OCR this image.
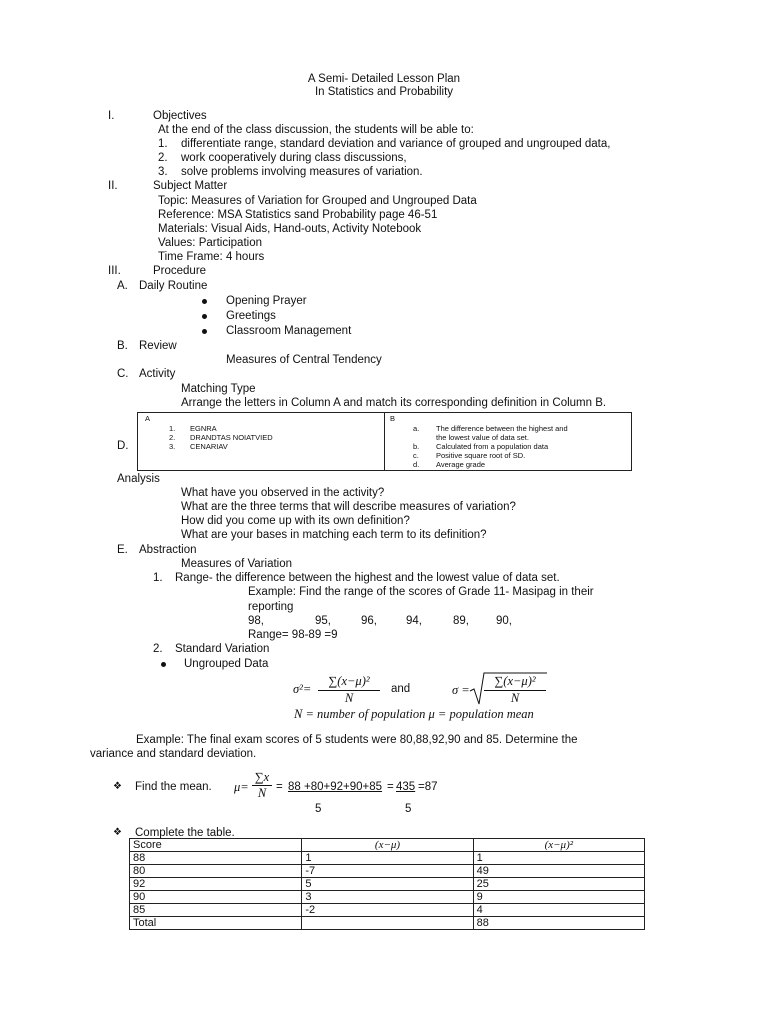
A Semi- Detailed Lesson Plan
In Statistics and Probability
I.	Objectives
At the end of the class discussion, the students will be able to:
1. differentiate range, standard deviation and variance of grouped and ungrouped data,
2. work cooperatively during class discussions,
3. solve problems involving measures of variation.
II.	Subject Matter
Topic: Measures of Variation for Grouped and Ungrouped Data
Reference: MSA Statistics sand Probability page 46-51
Materials: Visual Aids, Hand-outs, Activity Notebook
Values: Participation
Time Frame: 4 hours
III.	Procedure
A. Daily Routine
Opening Prayer
Greetings
Classroom Management
B. Review
Measures of Central Tendency
C. Activity
Matching Type
Arrange the letters in Column A and match its corresponding definition in Column B.
D.
A	B
1. EGNRA
2. DRANDTAS NOIATVIED
3. CENARIAV
a. The difference between the highest and
the lowest value of data set.
b. Calculated from a population data
c. Positive square root of SD.
d. Average grade
Analysis
What have you observed in the activity?
What are the three terms that will describe measures of variation?
How did you come up with its own definition?
What are your bases in matching each term to its definition?
E. Abstraction
Measures of Variation
1. Range- the difference between the highest and the lowest value of data set.
Example: Find the range of the scores of Grade 11- Masipag in their
reporting
98,	95,	96,	94,	89, 90,
Range= 98-89 =9
2. Standard Variation
Ungrouped Data
σ²=
∑(x−μ)²
N
and	σ =
∑(x−μ)²
N
N = number of population μ = population mean
Example: The final exam scores of 5 students were 80,88,92,90 and 85. Determine the
variance and standard deviation.
❖ Find the mean. μ=
∑x
N = 88 +80+92+90+85 = 435 =87
5	5
❖ Complete the table.
Score	(x−μ)	(x−μ)²
88	1	1
80	-7	49
92	5	25
90	3	9
85	-2	4
Total		88
